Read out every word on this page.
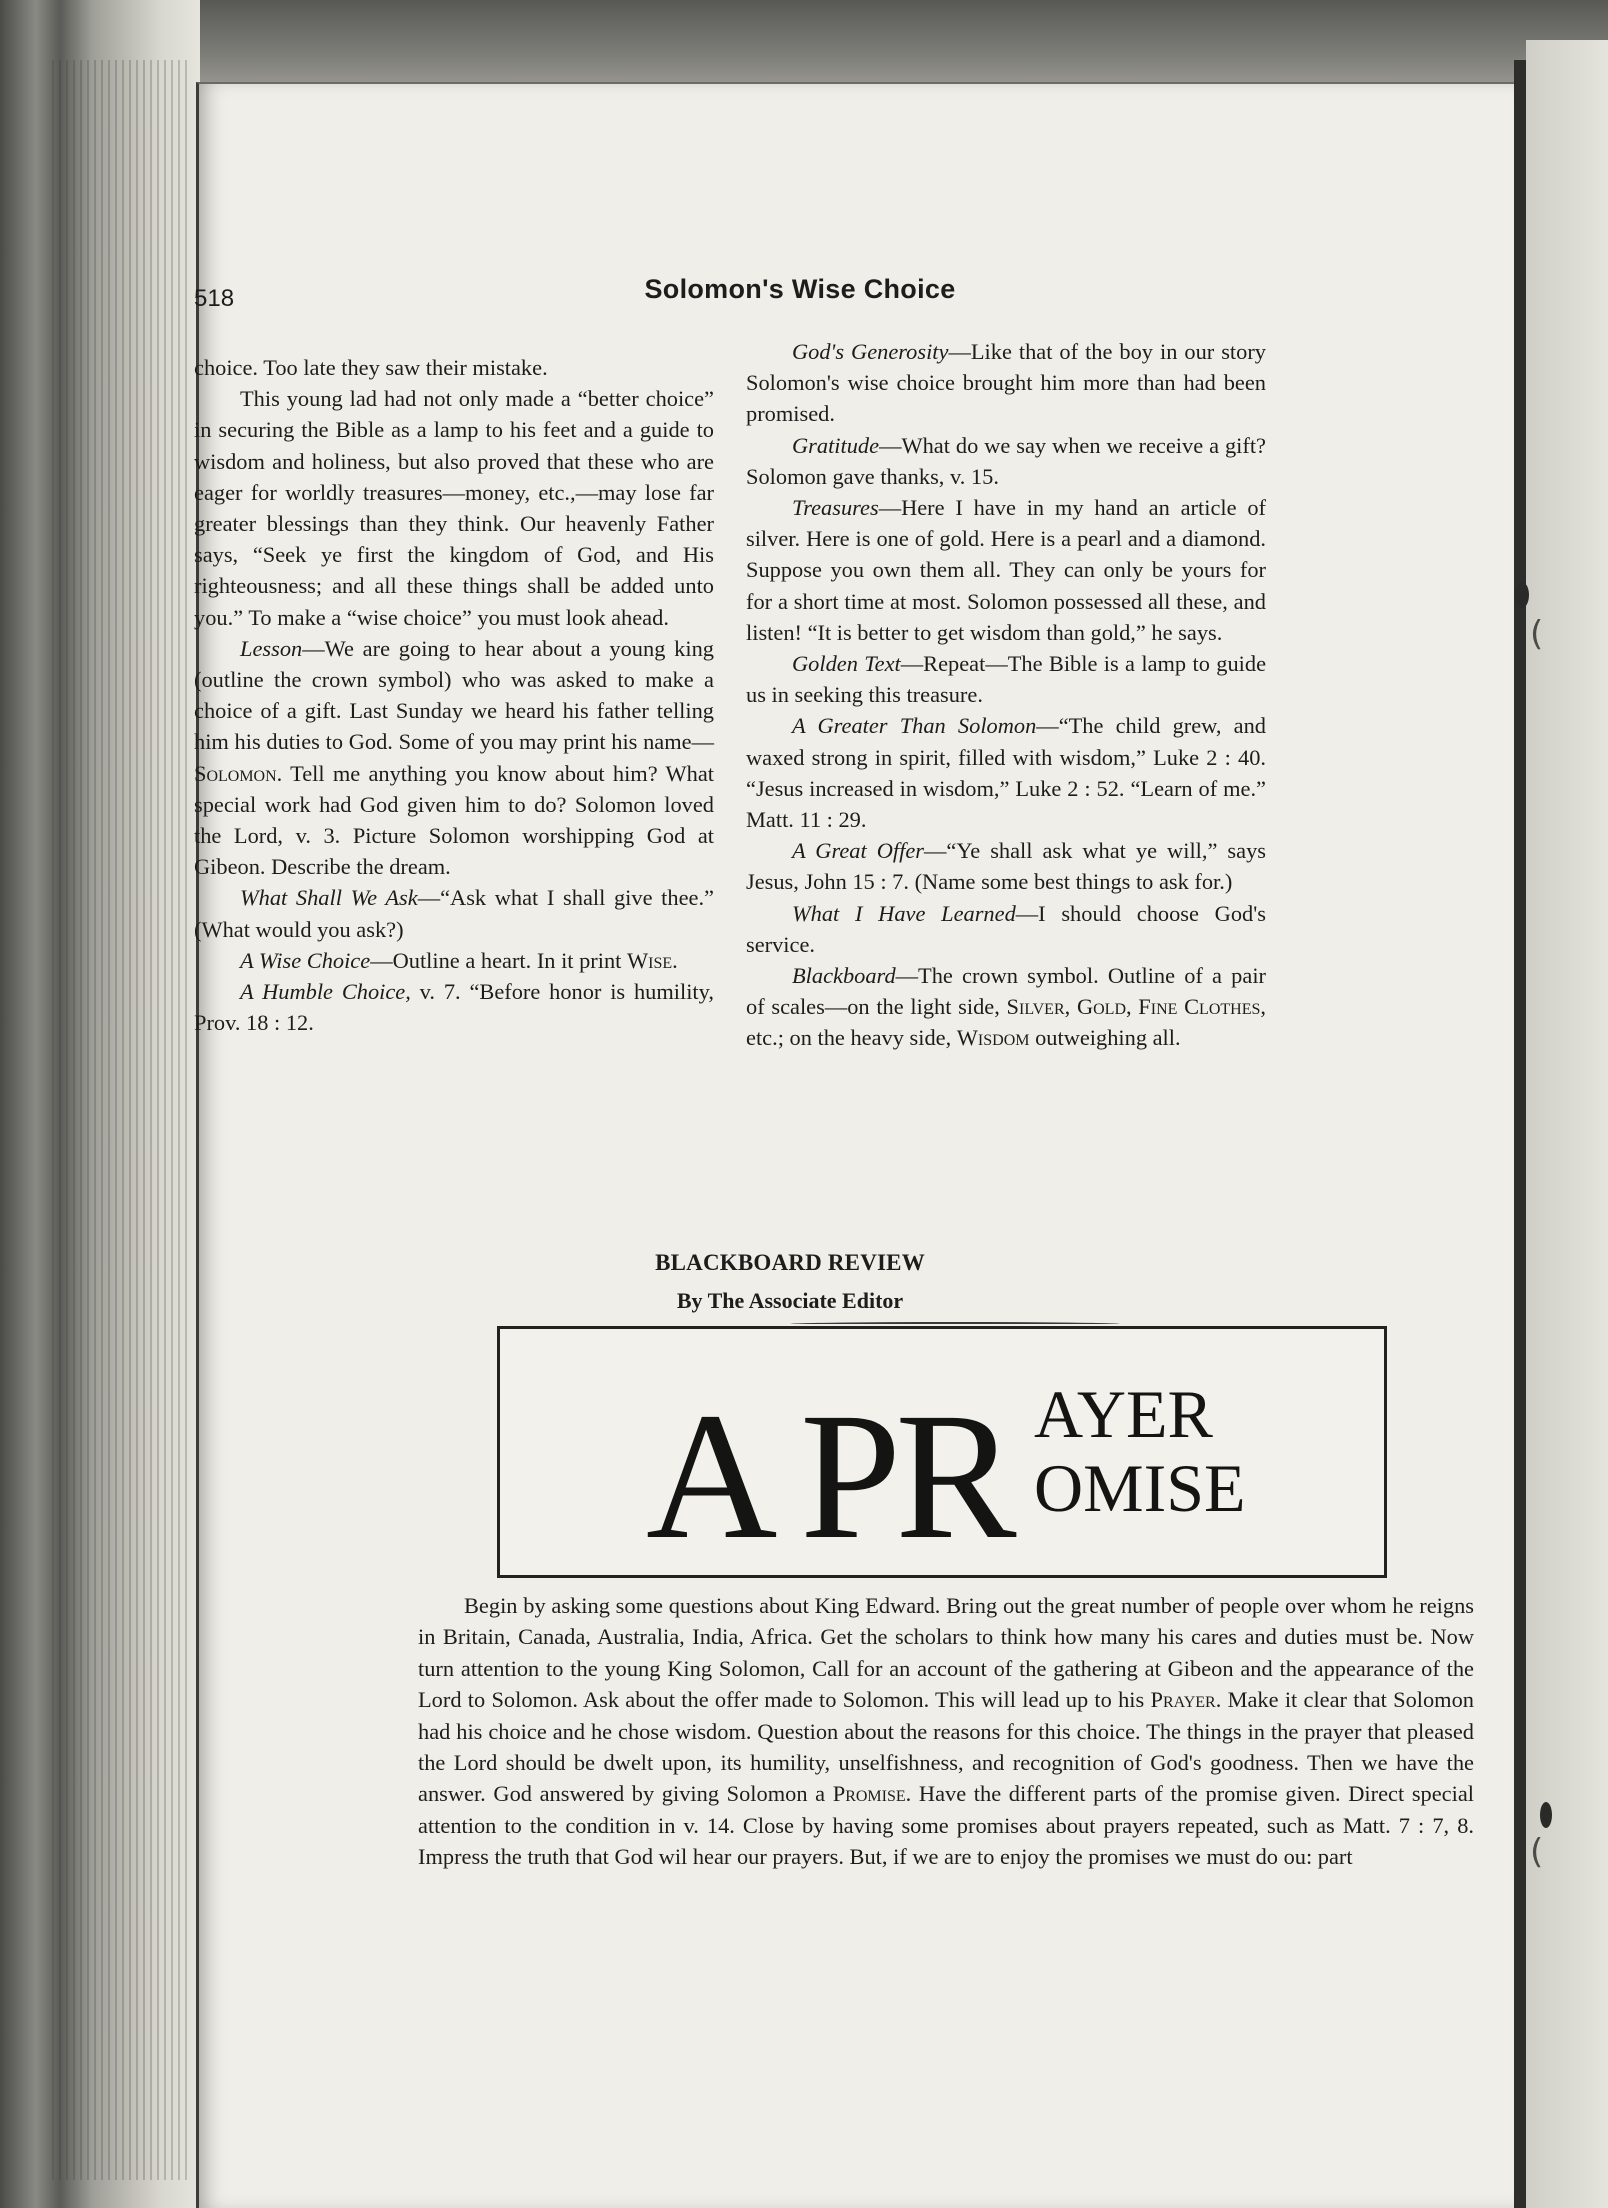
(
(
518	Solomon's Wise Choice

choice. Too late they saw their mistake.

This young lad had not only made a “better choice” in securing the Bible as a lamp to his feet and a guide to wisdom and holiness, but also proved that these who are eager for worldly treasures—money, etc.,—may lose far greater blessings than they think. Our heavenly Father says, “Seek ye first the kingdom of God, and His righteousness; and all these things shall be added unto you.” To make a “wise choice” you must look ahead.

Lesson—We are going to hear about a young king (outline the crown symbol) who was asked to make a choice of a gift. Last Sunday we heard his father telling him his duties to God. Some of you may print his name—Solomon. Tell me anything you know about him? What special work had God given him to do? Solomon loved the Lord, v. 3. Picture Solomon worshipping God at Gibeon. Describe the dream.

What Shall We Ask—“Ask what I shall give thee.” (What would you ask?)

A Wise Choice—Outline a heart. In it print Wise.

A Humble Choice, v. 7. “Before honor is humility, Prov. 18 : 12.

God's Generosity—Like that of the boy in our story Solomon's wise choice brought him more than had been promised.

Gratitude—What do we say when we receive a gift? Solomon gave thanks, v. 15.

Treasures—Here I have in my hand an article of silver. Here is one of gold. Here is a pearl and a diamond. Suppose you own them all. They can only be yours for for a short time at most. Solomon possessed all these, and listen! “It is better to get wisdom than gold,” he says.

Golden Text—Repeat—The Bible is a lamp to guide us in seeking this treasure.

A Greater Than Solomon—“The child grew, and waxed strong in spirit, filled with wisdom,” Luke 2 : 40. “Jesus increased in wisdom,” Luke 2 : 52. “Learn of me.” Matt. 11 : 29.

A Great Offer—“Ye shall ask what ye will,” says Jesus, John 15 : 7. (Name some best things to ask for.)

What I Have Learned—I should choose God's service.

Blackboard—The crown symbol. Outline of a pair of scales—on the light side, Silver, Gold, Fine Clothes, etc.; on the heavy side, Wisdom outweighing all.

BLACKBOARD REVIEW
By The Associate Editor
A PR AYER
OMISE

Begin by asking some questions about King Edward. Bring out the great number of people over whom he reigns in Britain, Canada, Australia, India, Africa. Get the scholars to think how many his cares and duties must be. Now turn attention to the young King Solomon, Call for an account of the gathering at Gibeon and the appearance of the Lord to Solomon. Ask about the offer made to Solomon. This will lead up to his Prayer. Make it clear that Solomon had his choice and he chose wisdom. Question about the reasons for this choice. The things in the prayer that pleased the Lord should be dwelt upon, its humility, unselfishness, and recognition of God's goodness. Then we have the answer. God answered by giving Solomon a Promise. Have the different parts of the promise given. Direct special attention to the condition in v. 14. Close by having some promises about prayers repeated, such as Matt. 7 : 7, 8. Impress the truth that God wil hear our prayers. But, if we are to enjoy the promises we must do ou: part
